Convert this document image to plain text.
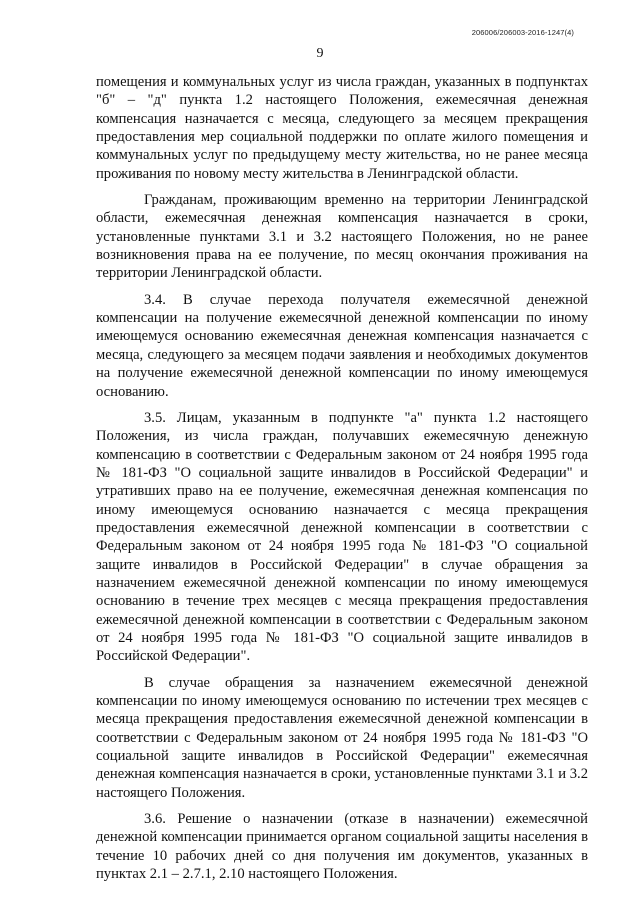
206006/206003-2016-1247(4)
9

помещения и коммунальных услуг из числа граждан, указанных в подпунктах "б" – "д" пункта 1.2 настоящего Положения, ежемесячная денежная компенсация назначается с месяца, следующего за месяцем прекращения предоставления мер социальной поддержки по оплате жилого помещения и коммунальных услуг по предыдущему месту жительства, но не ранее месяца проживания по новому месту жительства в Ленинградской области.

Гражданам, проживающим временно на территории Ленинградской области, ежемесячная денежная компенсация назначается в сроки, установленные пунктами 3.1 и 3.2 настоящего Положения, но не ранее возникновения права на ее получение, по месяц окончания проживания на территории Ленинградской области.

3.4. В случае перехода получателя ежемесячной денежной компенсации на получение ежемесячной денежной компенсации по иному имеющемуся основанию ежемесячная денежная компенсация назначается с месяца, следующего за месяцем подачи заявления и необходимых документов на получение ежемесячной денежной компенсации по иному имеющемуся основанию.

3.5. Лицам, указанным в подпункте "а" пункта 1.2 настоящего Положения, из числа граждан, получавших ежемесячную денежную компенсацию в соответствии с Федеральным законом от 24 ноября 1995 года № 181-ФЗ "О социальной защите инвалидов в Российской Федерации" и утративших право на ее получение, ежемесячная денежная компенсация по иному имеющемуся основанию назначается с месяца прекращения предоставления ежемесячной денежной компенсации в соответствии с Федеральным законом от 24 ноября 1995 года № 181-ФЗ "О социальной защите инвалидов в Российской Федерации" в случае обращения за назначением ежемесячной денежной компенсации по иному имеющемуся основанию в течение трех месяцев с месяца прекращения предоставления ежемесячной денежной компенсации в соответствии с Федеральным законом от 24 ноября 1995 года № 181-ФЗ "О социальной защите инвалидов в Российской Федерации".

В случае обращения за назначением ежемесячной денежной компенсации по иному имеющемуся основанию по истечении трех месяцев с месяца прекращения предоставления ежемесячной денежной компенсации в соответствии с Федеральным законом от 24 ноября 1995 года № 181-ФЗ "О социальной защите инвалидов в Российской Федерации" ежемесячная денежная компенсация назначается в сроки, установленные пунктами 3.1 и 3.2 настоящего Положения.

3.6. Решение о назначении (отказе в назначении) ежемесячной денежной компенсации принимается органом социальной защиты населения в течение 10 рабочих дней со дня получения им документов, указанных в пунктах 2.1 – 2.7.1, 2.10 настоящего Положения.
